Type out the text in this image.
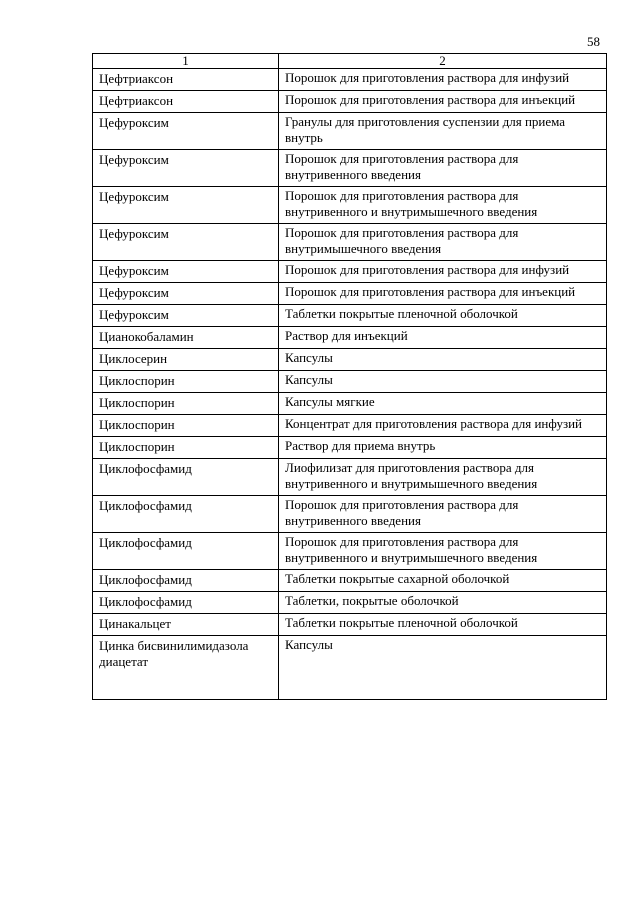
58
1	2
Цефтриаксон	Порошок для приготовления раствора для инфузий
Цефтриаксон	Порошок для приготовления раствора для инъекций
Цефуроксим	Гранулы для приготовления суспензии для приема внутрь
Цефуроксим	Порошок для приготовления раствора для внутривенного введения
Цефуроксим	Порошок для приготовления раствора для внутривенного и внутримышечного введения
Цефуроксим	Порошок для приготовления раствора для внутримышечного введения
Цефуроксим	Порошок для приготовления раствора для инфузий
Цефуроксим	Порошок для приготовления раствора для инъекций
Цефуроксим	Таблетки покрытые пленочной оболочкой
Цианокобаламин	Раствор для инъекций
Циклосерин	Капсулы
Циклоспорин	Капсулы
Циклоспорин	Капсулы мягкие
Циклоспорин	Концентрат для приготовления раствора для инфузий
Циклоспорин	Раствор для приема внутрь
Циклофосфамид	Лиофилизат для приготовления раствора для внутривенного и внутримышечного введения
Циклофосфамид	Порошок для приготовления раствора для внутривенного введения
Циклофосфамид	Порошок для приготовления раствора для внутривенного и внутримышечного введения
Циклофосфамид	Таблетки покрытые сахарной оболочкой
Циклофосфамид	Таблетки, покрытые оболочкой
Цинакальцет	Таблетки покрытые пленочной оболочкой
Цинка бисвинилимидазола диацетат	Капсулы
